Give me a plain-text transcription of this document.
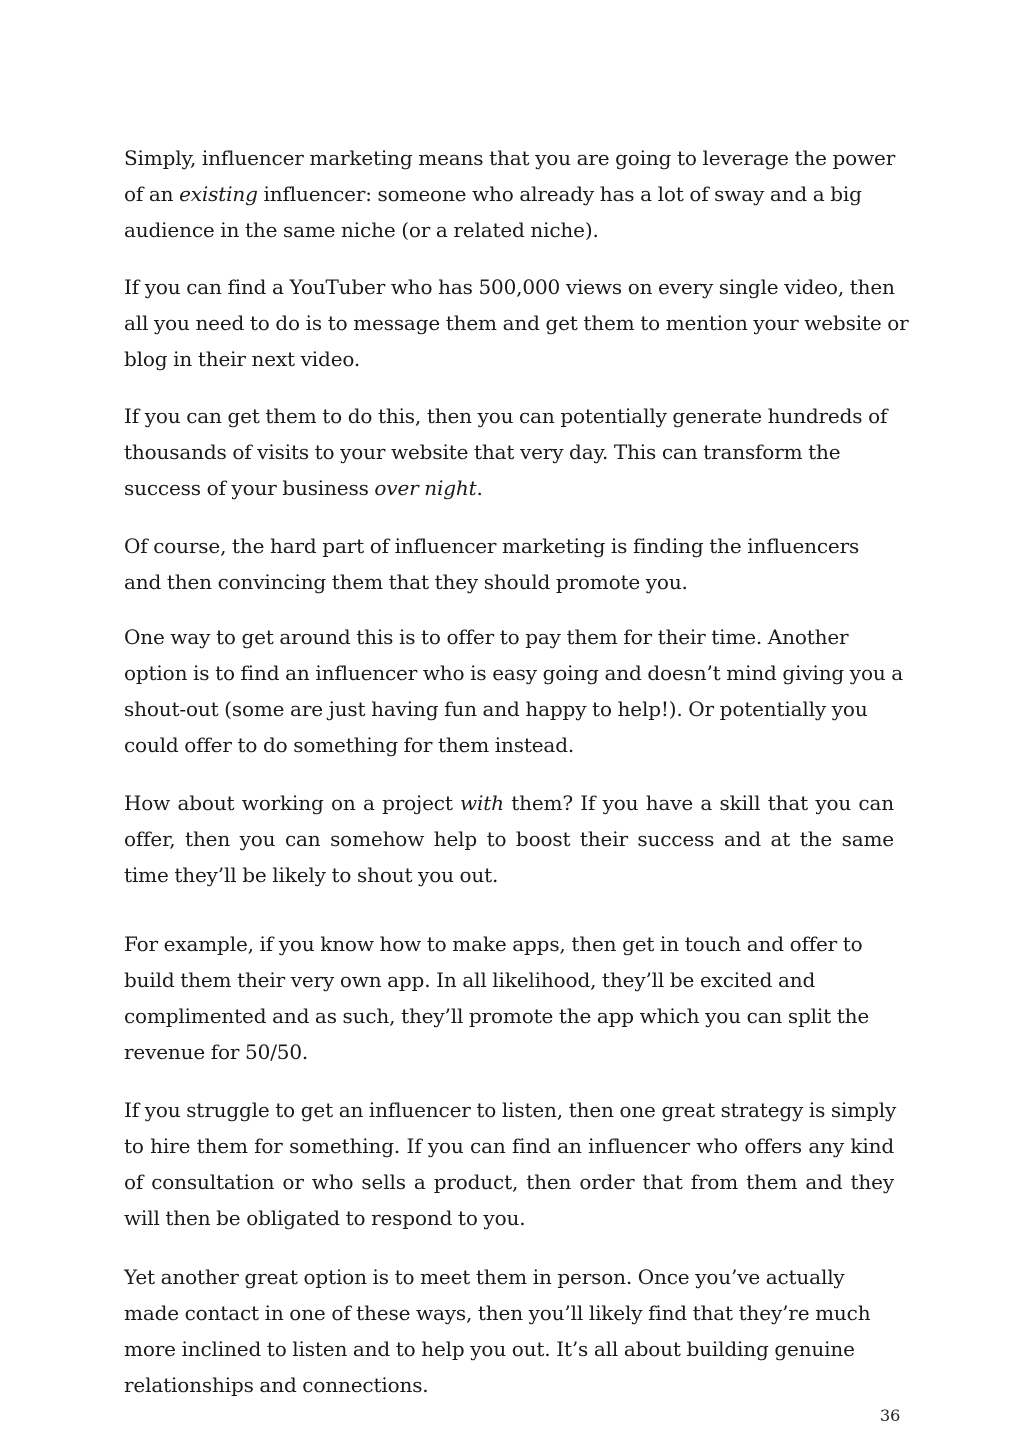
Simply, influencer marketing means that you are going to leverage the power
of an existing influencer: someone who already has a lot of sway and a big
audience in the same niche (or a related niche).

If you can find a YouTuber who has 500,000 views on every single video, then
all you need to do is to message them and get them to mention your website or
blog in their next video.

If you can get them to do this, then you can potentially generate hundreds of
thousands of visits to your website that very day. This can transform the
success of your business over night.

Of course, the hard part of influencer marketing is finding the influencers
and then convincing them that they should promote you.

One way to get around this is to offer to pay them for their time. Another
option is to find an influencer who is easy going and doesn’t mind giving you a
shout-out (some are just having fun and happy to help!). Or potentially you
could offer to do something for them instead.

How about working on a project with them? If you have a skill that you can
offer, then you can somehow help to boost their success and at the same
time they’ll be likely to shout you out.

For example, if you know how to make apps, then get in touch and offer to
build them their very own app. In all likelihood, they’ll be excited and
complimented and as such, they’ll promote the app which you can split the
revenue for 50/50.

If you struggle to get an influencer to listen, then one great strategy is simply
to hire them for something. If you can find an influencer who offers any kind
of consultation or who sells a product, then order that from them and they
will then be obligated to respond to you.

Yet another great option is to meet them in person. Once you’ve actually
made contact in one of these ways, then you’ll likely find that they’re much
more inclined to listen and to help you out. It’s all about building genuine
relationships and connections.

36
